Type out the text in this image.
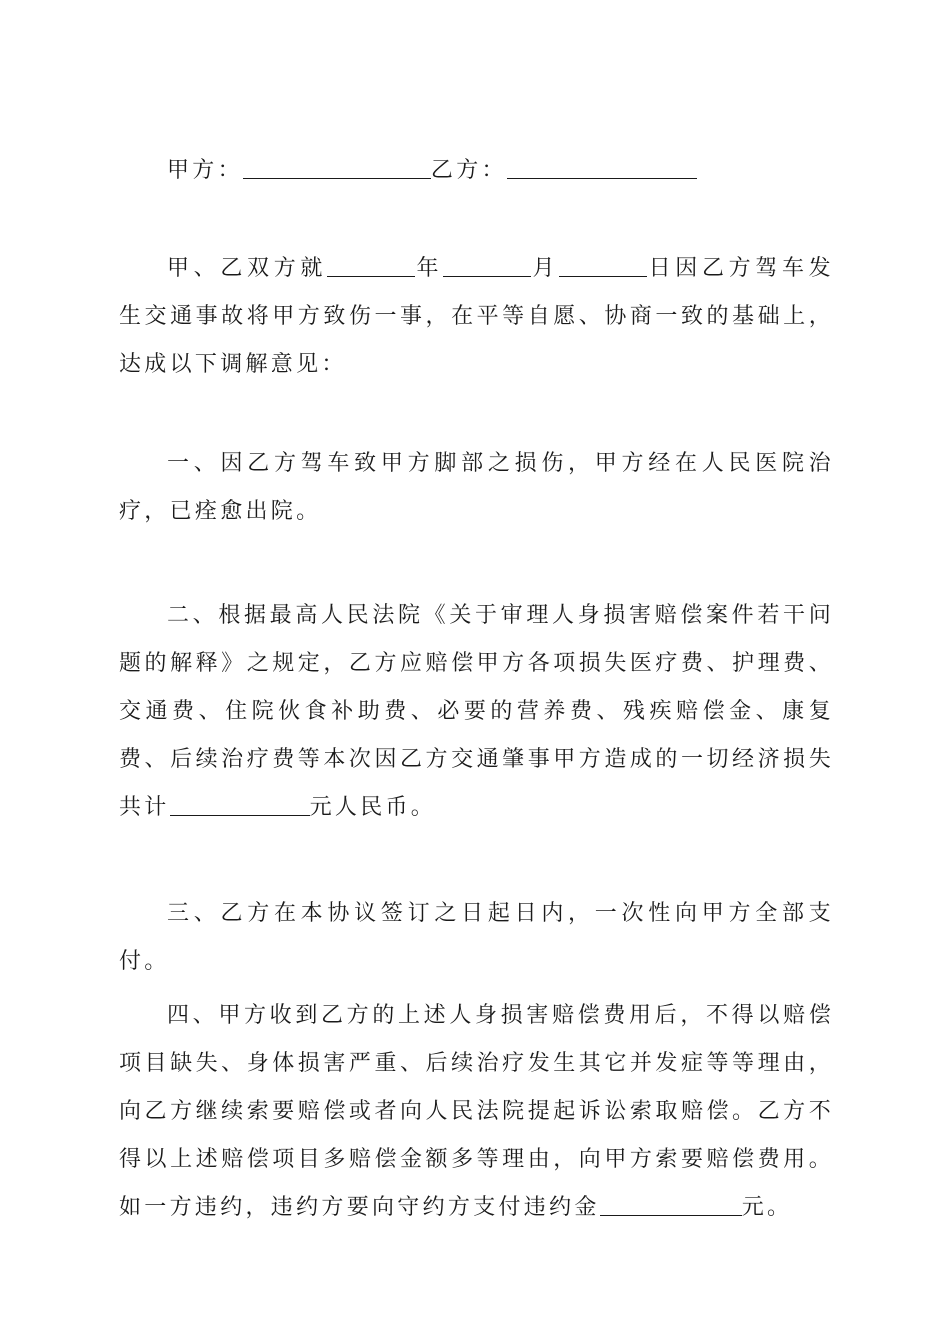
甲方：	乙方：

甲、乙双方就	年	月	日因乙方驾车发生交通事故将甲方致伤一事，在平等自愿、协商一致的基础上，达成以下调解意见：

一、因乙方驾车致甲方脚部之损伤，甲方经在人民医院治疗，已痊愈出院。

二、根据最高人民法院《关于审理人身损害赔偿案件若干问题的解释》之规定，乙方应赔偿甲方各项损失医疗费、护理费、交通费、住院伙食补助费、必要的营养费、残疾赔偿金、康复费、后续治疗费等本次因乙方交通肇事甲方造成的一切经济损失共计	元人民币。

三、乙方在本协议签订之日起日内，一次性向甲方全部支付。

四、甲方收到乙方的上述人身损害赔偿费用后，不得以赔偿项目缺失、身体损害严重、后续治疗发生其它并发症等等理由，向乙方继续索要赔偿或者向人民法院提起诉讼索取赔偿。乙方不得以上述赔偿项目多赔偿金额多等理由，向甲方索要赔偿费用。如一方违约，违约方要向守约方支付违约金	元。
